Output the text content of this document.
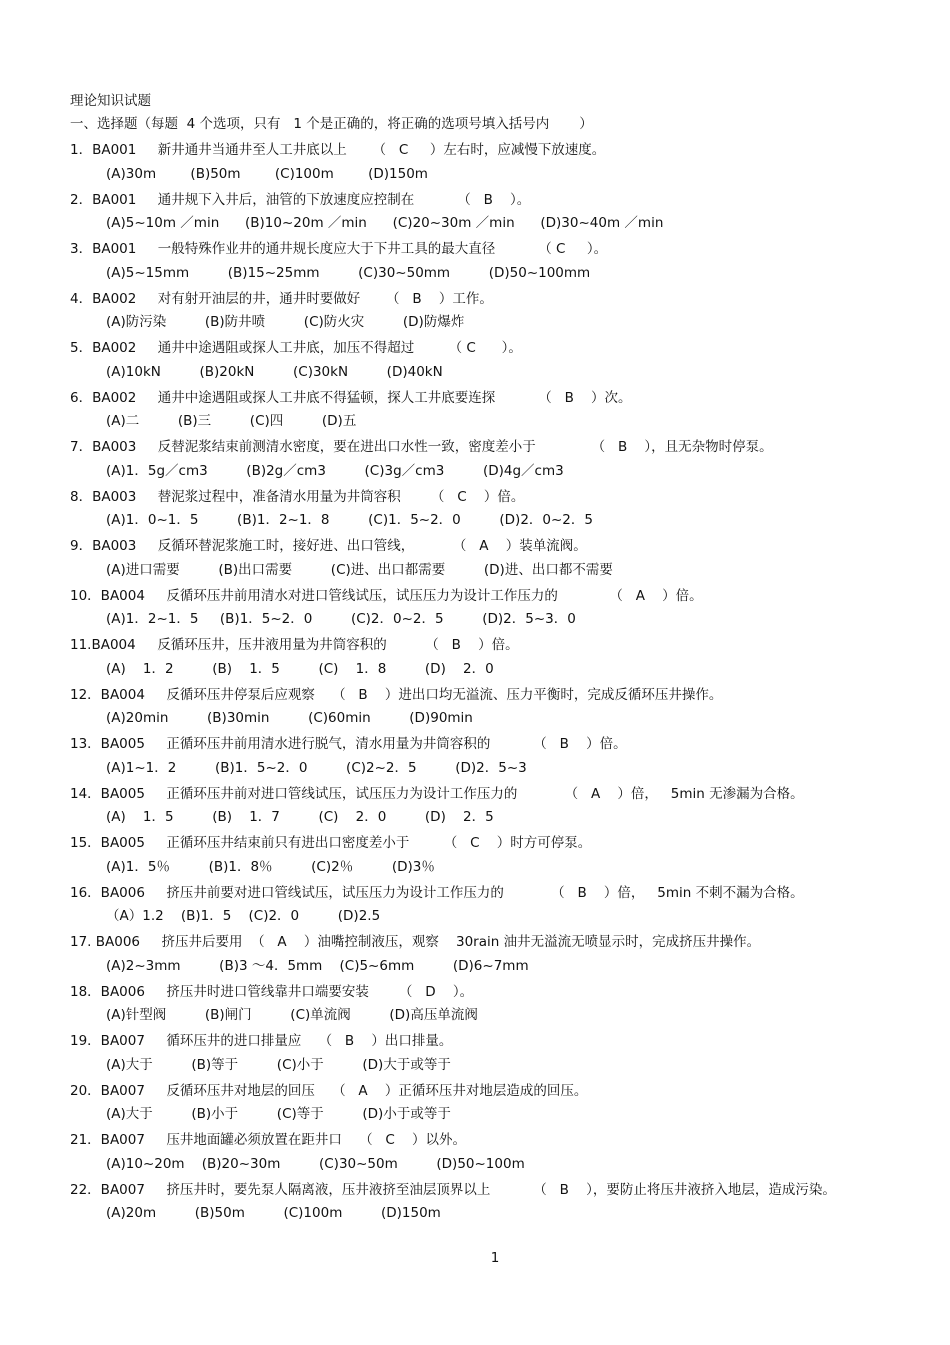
理论知识试题
一、选择题（每题  4 个选项，只有   1 个是正确的，将正确的选项号填入括号内       ）
1．BA001     新井通井当通井至人工井底以上      （   C     ）左右时，应减慢下放速度。
(A)30m        (B)50m        (C)100m        (D)150m
2．BA001     通井规下入井后，油管的下放速度应控制在          （   B    ）。
(A)5~10m ／min      (B)10~20m ／min      (C)20~30m ／min      (D)30~40m ／min
3．BA001     一般特殊作业井的通井规长度应大于下井工具的最大直径          （ C     ）。
(A)5~15mm         (B)15~25mm         (C)30~50mm         (D)50~100mm
4．BA002     对有射开油层的井，通井时要做好      （   B    ）工作。
(A)防污染         (B)防井喷         (C)防火灾         (D)防爆炸
5．BA002     通井中途遇阻或探人工井底，加压不得超过        （ C      ）。
(A)10kN         (B)20kN         (C)30kN         (D)40kN
6．BA002     通井中途遇阻或探人工井底不得猛顿，探人工井底要连探          （   B    ）次。
(A)二         (B)三         (C)四         (D)五
7．BA003     反替泥浆结束前测清水密度，要在进出口水性一致，密度差小于             （   B    ），且无杂物时停泵。
(A)1．5g／cm3         (B)2g／cm3         (C)3g／cm3         (D)4g／cm3
8．BA003     替泥浆过程中，准备清水用量为井筒容积       （   C    ）倍。
(A)1．0~1．5         (B)1．2~1．8         (C)1．5~2．0         (D)2．0~2．5
9．BA003     反循环替泥浆施工时，接好进、出口管线，         （   A    ）装单流阀。
(A)进口需要         (B)出口需要         (C)进、出口都需要         (D)进、出口都不需要
10．BA004     反循环压井前用清水对进口管线试压，试压压力为设计工作压力的            （   A    ）倍。
(A)1．2~1．5     (B)1．5~2．0         (C)2．0~2．5         (D)2．5~3．0
11.BA004     反循环压井，压井液用量为井筒容积的         （   B    ）倍。
(A)    1．2         (B)    1．5         (C)    1．8         (D)    2．0
12．BA004     反循环压井停泵后应观察    （   B    ）进出口均无溢流、压力平衡时，完成反循环压井操作。
(A)20min         (B)30min         (C)60min         (D)90min
13．BA005     正循环压井前用清水进行脱气，清水用量为井筒容积的          （   B    ）倍。
(A)1~1．2         (B)1．5~2．0         (C)2~2．5         (D)2．5~3
14．BA005     正循环压井前对进口管线试压，试压压力为设计工作压力的           （   A    ）倍，   5min 无渗漏为合格。
(A)    1．5         (B)    1．7         (C)    2．0         (D)    2．5
15．BA005     正循环压井结束前只有进出口密度差小于        （   C    ）时方可停泵。
(A)1．5％         (B)1．8％         (C)2％         (D)3％
16．BA006     挤压井前要对进口管线试压，试压压力为设计工作压力的           （   B    ）倍，   5min 不刺不漏为合格。
（A）1.2    (B)1．5    (C)2．0         (D)2.5
17. BA006     挤压井后要用  （   A    ）油嘴控制液压，观察    30rain 油井无溢流无喷显示时，完成挤压井操作。
(A)2~3mm         (B)3 ～4．5mm    (C)5~6mm         (D)6~7mm
18．BA006     挤压井时进口管线靠井口端要安装       （   D    ）。
(A)针型阀         (B)闸门         (C)单流阀         (D)高压单流阀
19．BA007     循环压井的进口排量应    （   B    ）出口排量。
(A)大于         (B)等于         (C)小于         (D)大于或等于
20．BA007     反循环压井对地层的回压    （   A    ）正循环压井对地层造成的回压。
(A)大于         (B)小于         (C)等于         (D)小于或等于
21．BA007     压井地面罐必须放置在距井口    （   C    ）以外。
(A)10~20m    (B)20~30m         (C)30~50m         (D)50~100m
22．BA007     挤压井时，要先泵人隔离液，压井液挤至油层顶界以上          （   B    ），要防止将压井液挤入地层，造成污染。
(A)20m         (B)50m         (C)100m         (D)150m
1
